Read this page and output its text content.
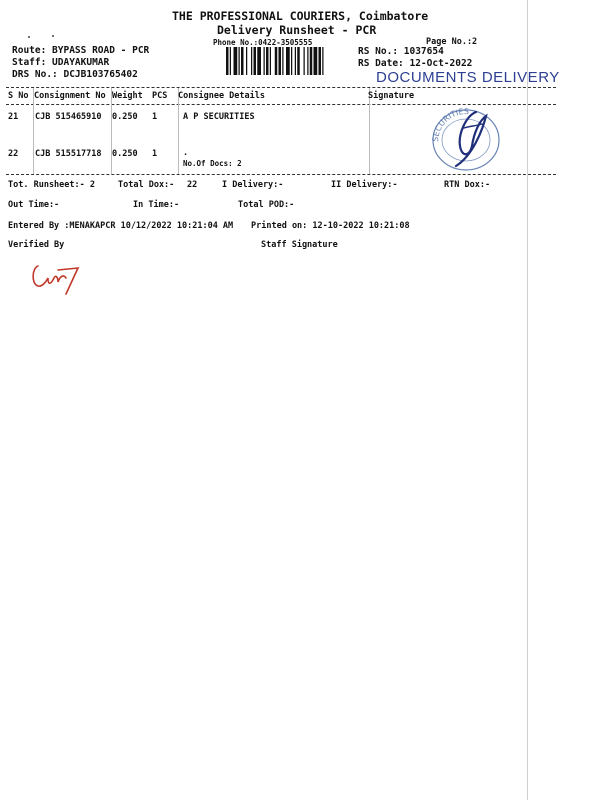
THE PROFESSIONAL COURIERS, Coimbatore
Delivery Runsheet - PCR
Phone No.:0422-3505555	Page No.:2
Route: BYPASS ROAD - PCR
Staff: UDAYAKUMAR
DRS No.: DCJB103765402
RS No.: 1037654
RS Date: 12-Oct-2022
DOCUMENTS DELIVERY
S No Consignment No Weight PCS Consignee Details	Signature
21 CJB 515465910 0.250 1	A P SECURITIES
22 CJB 515517718 0.250 1	.
No.Of Docs: 2
SECURITIES
Tot. Runsheet:- 2	Total Dox:- 22	I Delivery:-	II Delivery:-	RTN Dox:-
Out Time:-	In Time:-	Total POD:-
Entered By :MENAKAPCR 10/12/2022 10:21:04 AM Printed on: 12-10-2022 10:21:08
Verified By	Staff Signature
